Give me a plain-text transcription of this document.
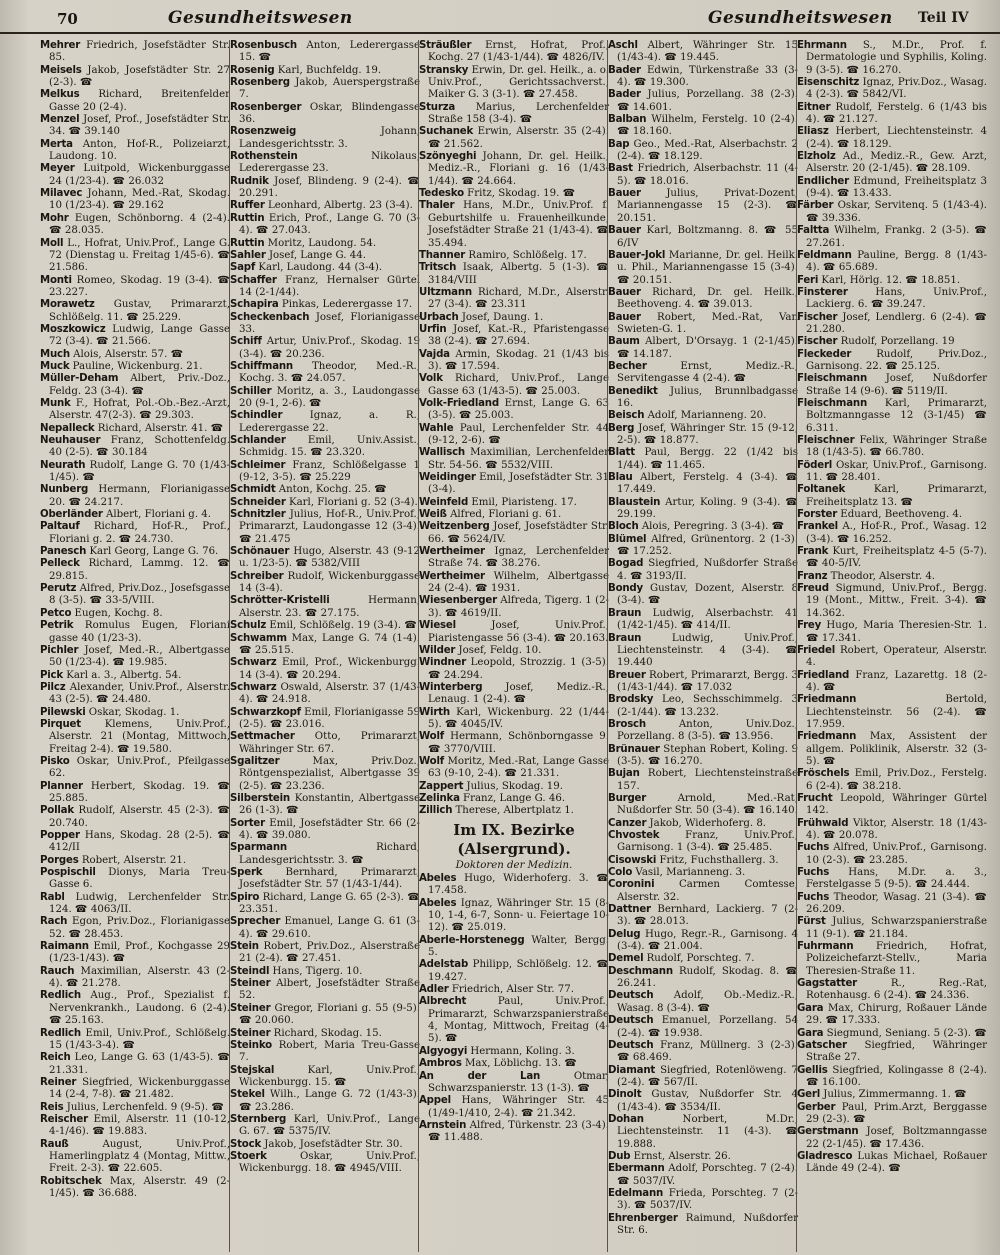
70	Gesundheitswesen	Gesundheitswesen Teil IV
Mehrer Friedrich, Josefstädter Str. 85.
Meisels Jakob, Josefstädter Str. 27 (2-3). ☎
Melkus Richard, Breitenfelder Gasse 20 (2-4).
Menzel Josef, Prof., Josefstädter Str. 34. ☎ 39.140
Merta Anton, Hof-R., Polizeiarzt, Laudong. 10.
Meyer Luitpold, Wickenburggasse 24 (1/23-4). ☎ 26.032
Milavec Johann, Med.-Rat, Skodag. 10 (1/23-4). ☎ 29.162
Mohr Eugen, Schönborng. 4 (2-4). ☎ 28.035.
Moll L., Hofrat, Univ.Prof., Lange G. 72 (Dienstag u. Freitag 1/45-6). ☎ 21.586.
Monti Romeo, Skodag. 19 (3-4). ☎ 23.227.
Morawetz Gustav, Primararzt, Schlößelg. 11. ☎ 25.229.
Moszkowicz Ludwig, Lange Gasse 72 (3-4). ☎ 21.566.
Much Alois, Alserstr. 57. ☎
Muck Pauline, Wickenburg. 21.
Müller-Deham Albert, Priv.-Doz., Feldg. 23 (3-4). ☎
Munk F., Hofrat, Pol.-Ob.-Bez.-Arzt, Alserstr. 47(2-3). ☎ 29.303.
Nepalleck Richard, Alserstr. 41. ☎
Neuhauser Franz, Schottenfeldg. 40 (2-5). ☎ 30.184
Neurath Rudolf, Lange G. 70 (1/43-1/45). ☎
Nunberg Hermann, Florianigasse 20. ☎ 24.217.
Oberländer Albert, Floriani g. 4.
Paltauf Richard, Hof-R., Prof., Floriani g. 2. ☎ 24.730.
Panesch Karl Georg, Lange G. 76.
Pelleck Richard, Lammg. 12. ☎ 29.815.
Perutz Alfred, Priv.Doz., Josefsgasse 8 (3-5). ☎ 33-5/VIII.
Petco Eugen, Kochg. 8.
Petrik Romulus Eugen, Floriani gasse 40 (1/23-3).
Pichler Josef, Med.-R., Albertgasse 50 (1/23-4). ☎ 19.985.
Pick Karl a. 3., Albertg. 54.
Pilcz Alexander, Univ.Prof., Alserstr. 43 (2-5). ☎ 24.480.
Pilewski Oskar, Skodag. 1.
Pirquet Klemens, Univ.Prof., Alserstr. 21 (Montag, Mittwoch, Freitag 2-4). ☎ 19.580.
Pisko Oskar, Univ.Prof., Pfeilgasse 62.
Planner Herbert, Skodag. 19. ☎ 25.885.
Pollak Rudolf, Alserstr. 45 (2-3). ☎ 20.740.
Popper Hans, Skodag. 28 (2-5). ☎ 412/II
Porges Robert, Alserstr. 21.
Pospischil Dionys, Maria Treu-Gasse 6.
Rabl Ludwig, Lerchenfelder Str. 124. ☎ 4063/II.
Rach Egon, Priv.Doz., Florianigasse 52. ☎ 28.453.
Raimann Emil, Prof., Kochgasse 29 (1/23-1/43). ☎
Rauch Maximilian, Alserstr. 43 (2-4). ☎ 21.278.
Redlich Aug., Prof., Spezialist f. Nervenkrankh., Laudong. 6 (2-4). ☎ 25.163.
Redlich Emil, Univ.Prof., Schlößelg. 15 (1/43-3-4). ☎
Reich Leo, Lange G. 63 (1/43-5). ☎ 21.331.
Reiner Siegfried, Wickenburggasse 14 (2-4, 7-8). ☎ 21.482.
Reis Julius, Lerchenfeld. 9 (9-5). ☎
Reischer Emil, Alserstr. 11 (10-12, 4-1/46). ☎ 19.883.
Rauß	August, Univ.Prof., Hamerlingplatz 4 (Montag, Mittw., Freit. 2-3). ☎ 22.605.
Robitschek Max, Alserstr. 49 (2-1/45). ☎ 36.688.
Rosenbusch Anton, Lederergasse 15. ☎
Rosenig Karl, Buchfeldg. 19.
Rosenberg Jakob, Auerspergstraße 7.
Rosenberger Oskar, Blindengasse 36.
Rosenzweig	Johann, Landesgerichtsstr. 3.
Rothenstein	Nikolaus, Lederergasse 23.
Rudnik Josef, Blindeng. 9 (2-4). ☎ 20.291.
Ruffer Leonhard, Albertg. 23 (3-4).
Ruttin Erich, Prof., Lange G. 70 (3-4). ☎ 27.043.
Ruttin Moritz, Laudong. 54.
Sahler Josef, Lange G. 44.
Sapf Karl, Laudong. 44 (3-4).
Schaffer Franz, Hernalser Gürtel 14 (2-1/44).
Schapira Pinkas, Lederergasse 17.
Scheckenbach Josef, Florianigasse 33.
Schiff Artur, Univ.Prof., Skodag. 19 (3-4). ☎ 20.236.
Schiffmann Theodor, Med.-R., Kochg. 3. ☎ 24.057.
Schiller Moritz, a. 3., Laudongasse 20 (9-1, 2-6). ☎
Schindler	Ignaz, a. R., Lederergasse 22.
Schlander Emil, Univ.Assist., Schmidg. 15. ☎ 23.320.
Schleimer Franz, Schlößelgasse 1 (9-12, 3-5). ☎ 25.229
Schmidt Anton, Kochg. 25. ☎
Schneider Karl, Floriani g. 52 (3-4).
Schnitzler Julius, Hof-R., Univ.Prof., Primararzt, Laudongasse 12 (3-4). ☎ 21.475
Schönauer Hugo, Alserstr. 43 (9-12 u. 1/23-5). ☎ 5382/VIII
Schreiber Rudolf, Wickenburggasse 14 (3-4).
Schrötter-Kristelli	Hermann, Alserstr. 23. ☎ 27.175.
Schulz Emil, Schlößelg. 19 (3-4). ☎
Schwamm Max, Lange G. 74 (1-4). ☎ 25.515.
Schwarz Emil, Prof., Wickenburgg. 14 (3-4). ☎ 20.294.
Schwarz Oswald, Alserstr. 37 (1/43-4). ☎ 24.918.
Schwarzkopf Emil, Florianigasse 59 (2-5). ☎ 23.016.
Settmacher Otto, Primararzt, Währinger Str. 67.
Sgalitzer	Max, Priv.Doz., Röntgenspezialist, Albertgasse 39 (2-5). ☎ 23.236.
Silberstein Konstantin, Albertgasse 26 (1-3). ☎
Sorter Emil, Josefstädter Str. 66 (2-4). ☎ 39.080.
Sparmann	Richard, Landesgerichtsstr. 3. ☎
Sperk Bernhard, Primararzt, Josefstädter Str. 57 (1/43-1/44).
Spiro Richard, Lange G. 65 (2-3). ☎ 23.351.
Sprecher Emanuel, Lange G. 61 (3-4). ☎ 29.610.
Stein Robert, Priv.Doz., Alserstraße 21 (2-4). ☎ 27.451.
Steindl Hans, Tigerg. 10.
Steiner Albert, Josefstädter Straße 52.
Steiner Gregor, Floriani g. 55 (9-5). ☎ 20.060.
Steiner Richard, Skodag. 15.
Steinko Robert, Maria Treu-Gasse 7.
Stejskal	Karl, Univ.Prof., Wickenburgg. 15. ☎
Stekel Wilh., Lange G. 72 (1/43-3). ☎ 23.286.
Sternberg Karl, Univ.Prof., Lange G. 67. ☎ 5375/IV.
Stock Jakob, Josefstädter Str. 30.
Stoerk	Oskar, Univ.Prof., Wickenburgg. 18. ☎ 4945/VIII.
Sträußler Ernst, Hofrat, Prof., Kochg. 27 (1/43-1/44). ☎ 4826/IV.
Stransky Erwin, Dr. gel. Heilk., a. o. Univ.Prof., Gerichtssachverst., Maiker G. 3 (3-1). ☎ 27.458.
Sturza Marius, Lerchenfelder Straße 158 (3-4). ☎
Suchanek Erwin, Alserstr. 35 (2-4). ☎ 21.562.
Szönyeghi Johann, Dr. gel. Heilk., Mediz.-R., Floriani g. 16 (1/43-1/44). ☎ 24.664.
Tedesko Fritz, Skodag. 19. ☎
Thaler Hans, M.Dr., Univ.Prof. f. Geburtshilfe u. Frauenheilkunde, Josefstädter Straße 21 (1/43-4). ☎ 35.494.
Thanner Ramiro, Schlößelg. 17.
Tritsch Isaak, Albertg. 5 (1-3). ☎ 3184/VIII
Ultzmann Richard, M.Dr., Alserstr. 27 (3-4). ☎ 23.311
Urbach Josef, Daung. 1.
Urfin Josef, Kat.-R., Pfaristengasse 38 (2-4). ☎ 27.694.
Vajda Armin, Skodag. 21 (1/43 bis 3). ☎ 17.594.
Volk Richard, Univ.Prof., Lange Gasse 63 (1/43-5). ☎ 25.003.
Volk-Friedland Ernst, Lange G. 63 (3-5). ☎ 25.003.
Wahle Paul, Lerchenfelder Str. 44 (9-12, 2-6). ☎
Wallisch Maximilian, Lerchenfelder Str. 54-56. ☎ 5532/VIII.
Weidinger Emil, Josefstädter Str. 31 (3-4).
Weinfeld Emil, Piaristeng. 17.
Weiß Alfred, Floriani g. 61.
Weitzenberg Josef, Josefstädter Str. 66. ☎ 5624/IV.
Wertheimer Ignaz, Lerchenfelder Straße 74. ☎ 38.276.
Wertheimer Wilhelm, Albertgasse 24 (2-4). ☎ 1931.
Wiesenberger Alfreda, Tigerg. 1 (2-3). ☎ 4619/II.
Wiesel	Josef, Univ.Prof., Piaristengasse 56 (3-4). ☎ 20.163.
Wilder Josef, Feldg. 10.
Windner Leopold, Strozzig. 1 (3-5). ☎ 24.294.
Winterberg Josef, Mediz.-R., Lenaug. 1 (2-4). ☎
Wirth Karl, Wickenburg. 22 (1/44-5). ☎ 4045/IV.
Wolf Hermann, Schönborngasse 9. ☎ 3770/VIII.
Wolf Moritz, Med.-Rat, Lange Gasse 63 (9-10, 2-4). ☎ 21.331.
Zappert Julius, Skodag. 19.
Zelinka Franz, Lange G. 46.
Zillich Therese, Albertplatz 1.
Im IX. Bezirke (Alsergrund).
Doktoren der Medizin.
Abeles Hugo, Widerhoferg. 3. ☎ 17.458.
Abeles Ignaz, Währinger Str. 15 (8-10, 1-4, 6-7, Sonn- u. Feiertage 10-12). ☎ 25.019.
Aberle-Horstenegg Walter, Bergg. 5.
Adelstab Philipp, Schlößelg. 12. ☎ 19.427.
Adler Friedrich, Alser Str. 77.
Albrecht	Paul, Univ.Prof., Primararzt, Schwarzspanierstraße 4, Montag, Mittwoch, Freitag (4-5). ☎
Algyogyi Hermann, Koling. 3.
Ambros Max, Löblichg. 13. ☎
An der Lan	Otmar, Schwarzspanierstr. 13 (1-3). ☎
Appel Hans, Währinger Str. 45 (1/49-1/410, 2-4). ☎ 21.342.
Arnstein Alfred, Türkenstr. 23 (3-4). ☎ 11.488.
Aschl Albert, Währinger Str. 15 (1/43-4). ☎ 19.445.
Bader Edwin, Türkenstraße 33 (3-4). ☎ 19.300.
Bader Julius, Porzellang. 38 (2-3). ☎ 14.601.
Balban Wilhelm, Ferstelg. 10 (2-4). ☎ 18.160.
Bap Geo., Med.-Rat, Alserbachstr. 2 (2-4). ☎ 18.129.
Bast Friedrich, Alserbachstr. 11 (4-5). ☎ 18.016.
Bauer	Julius, Privat-Dozent, Mariannengasse 15 (2-3). ☎ 20.151.
Bauer Karl, Boltzmanng. 8. ☎ 55 6/IV
Bauer-Jokl Marianne, Dr. gel. Heilk. u. Phil., Mariannengasse 15 (3-4). ☎ 20.151.
Bauer Richard, Dr. gel. Heilk., Beethoveng. 4. ☎ 39.013.
Bauer Robert, Med.-Rat, Van Swieten-G. 1.
Baum Albert, D'Orsayg. 1 (2-1/45). ☎ 14.187.
Becher	Ernst, Mediz.-R., Servitengasse 4 (2-4). ☎
Benedikt Julius, Brunnlbadgasse 16.
Beisch Adolf, Marianneng. 20.
Berg Josef, Währinger Str. 15 (9-12, 2-5). ☎ 18.877.
Blatt Paul, Bergg. 22 (1/42 bis 1/44). ☎ 11.465.
Blau Albert, Ferstelg. 4 (3-4). ☎ 17.449.
Blaustein Artur, Koling. 9 (3-4). ☎ 29.199.
Bloch Alois, Peregring. 3 (3-4). ☎
Blümel Alfred, Grünentorg. 2 (1-3). ☎ 17.252.
Bogad Siegfried, Nußdorfer Straße 4. ☎ 3193/II.
Bondy Gustav, Dozent, Alserstr. 8 (3-4). ☎
Braun Ludwig, Alserbachstr. 41 (1/42-1/45). ☎ 414/II.
Braun	Ludwig, Univ.Prof., Liechtensteinstr. 4 (3-4). ☎ 19.440
Breuer Robert, Primararzt, Bergg. 3 (1/43-1/44). ☎ 17.032
Brodsky Leo, Sechsschimmelg. 3 (2-1/44). ☎ 13.232.
Brosch	Anton, Univ.Doz., Porzellang. 8 (3-5). ☎ 13.956.
Brünauer Stephan Robert, Koling. 9 (3-5). ☎ 16.270.
Bujan Robert, Liechtensteinstraße 157.
Burger	Arnold, Med.-Rat, Nußdorfer Str. 50 (3-4). ☎ 16.140.
Canzer Jakob, Widerhoferg. 8.
Chvostek	Franz, Univ.Prof., Garnisong. 1 (3-4). ☎ 25.485.
Cisowski Fritz, Fuchsthallerg. 3.
Colo Vasil, Marianneng. 3.
Coronini Carmen Comtesse, Alserstr. 32.
Dattner Bernhard, Lackierg. 7 (2-3). ☎ 28.013.
Delug Hugo, Regr.-R., Garnisong. 4 (3-4). ☎ 21.004.
Demel Rudolf, Porschteg. 7.
Deschmann Rudolf, Skodag. 8. ☎ 26.241.
Deutsch Adolf, Ob.-Mediz.-R., Wasag. 8 (3-4). ☎
Deutsch Emanuel, Porzellang. 54 (2-4). ☎ 19.938.
Deutsch Franz, Müllnerg. 3 (2-3). ☎ 68.469.
Diamant Siegfried, Rotenlöweng. 7 (2-4). ☎ 567/II.
Dinolt Gustav, Nußdorfer Str. 4 (1/43-4). ☎ 3534/II.
Dohan	Norbert, M.Dr., Liechtensteinstr. 11 (4-3). ☎ 19.888.
Dub Ernst, Alserstr. 26.
Ebermann Adolf, Porschteg. 7 (2-4). ☎ 5037/IV.
Edelmann Frieda, Porschteg. 7 (2-3). ☎ 5037/IV.
Ehrenberger Raimund, Nußdorfer Str. 6.
Ehrmann S., M.Dr., Prof. f. Dermatologie und Syphilis, Koling. 9 (3-5). ☎ 16.270.
Eisenschitz Ignaz, Priv.Doz., Wasag. 4 (2-3). ☎ 5842/VI.
Eitner Rudolf, Ferstelg. 6 (1/43 bis 4). ☎ 21.127.
Eliasz Herbert, Liechtensteinstr. 4 (2-4). ☎ 18.129.
Elzholz Ad., Mediz.-R., Gew. Arzt, Alserstr. 20 (2-1/45). ☎ 28.109.
Endlicher Edmund, Freiheitsplatz 3 (9-4). ☎ 13.433.
Färber Oskar, Servitenq. 5 (1/43-4). ☎ 39.336.
Faltta Wilhelm, Frankg. 2 (3-5). ☎ 27.261.
Feldmann Pauline, Bergg. 8 (1/43-4). ☎ 65.689.
Feri Karl, Hörlg. 12. ☎ 18.851.
Finsterer	Hans, Univ.Prof., Lackierg. 6. ☎ 39.247.
Fischer Josef, Lendlerg. 6 (2-4). ☎ 21.280.
Fischer Rudolf, Porzellang. 19
Fleckeder Rudolf, Priv.Doz., Garnisong. 22. ☎ 25.125.
Fleischmann Josef, Nußdorfer Straße 14 (9-6). ☎ 5119/II.
Fleischmann Karl, Primararzt, Boltzmanngasse 12 (3-1/45) ☎ 6.311.
Fleischner Felix, Währinger Straße 18 (1/43-5). ☎ 66.780.
Föderl Oskar, Univ.Prof., Garnisong. 11. ☎ 28.401.
Foltanek	Karl, Primararzt, Freiheitsplatz 13. ☎
Forster Eduard, Beethoveng. 4.
Frankel A., Hof-R., Prof., Wasag. 12 (3-4). ☎ 16.252.
Frank Kurt, Freiheitsplatz 4-5 (5-7). ☎ 40-5/IV.
Franz Theodor, Alserstr. 4.
Freud Sigmund, Univ.Prof., Bergg. 19 (Mont., Mittw., Freit. 3-4). ☎ 14.362.
Frey Hugo, Maria Theresien-Str. 1. ☎ 17.341.
Friedel Robert, Operateur, Alserstr. 4.
Friedland Franz, Lazarettg. 18 (2-4). ☎
Friedmann	Bertold, Liechtensteinstr. 56 (2-4). ☎ 17.959.
Friedmann Max, Assistent der allgem. Poliklinik, Alserstr. 32 (3-5). ☎
Fröschels Emil, Priv.Doz., Ferstelg. 6 (2-4). ☎ 38.218.
Frucht Leopold, Währinger Gürtel 142.
Frühwald Viktor, Alserstr. 18 (1/43-4). ☎ 20.078.
Fuchs Alfred, Univ.Prof., Garnisong. 10 (2-3). ☎ 23.285.
Fuchs Hans, M.Dr. a. 3., Ferstelgasse 5 (9-5). ☎ 24.444.
Fuchs Theodor, Wasag. 21 (3-4). ☎ 26.209.
Fürst Julius, Schwarzspanierstraße 11 (9-1). ☎ 21.184.
Fuhrmann Friedrich, Hofrat, Polizeichefarzt-Stellv., Maria Theresien-Straße 11.
Gagstatter	R., Reg.-Rat, Rotenhausg. 6 (2-4). ☎ 24.336.
Gara Max, Chirurg, Roßauer Lände 29. ☎ 17.333.
Gara Siegmund, Seniang. 5 (2-3). ☎
Gatscher Siegfried, Währinger Straße 27.
Gellis Siegfried, Kolingasse 8 (2-4). ☎ 16.100.
Gerl Julius, Zimmermanng. 1. ☎
Gerber Paul, Prim.Arzt, Berggasse 29 (2-3). ☎
Gerstmann Josef, Boltzmanngasse 22 (2-1/45). ☎ 17.436.
Gladresco Lukas Michael, Roßauer Lände 49 (2-4). ☎
